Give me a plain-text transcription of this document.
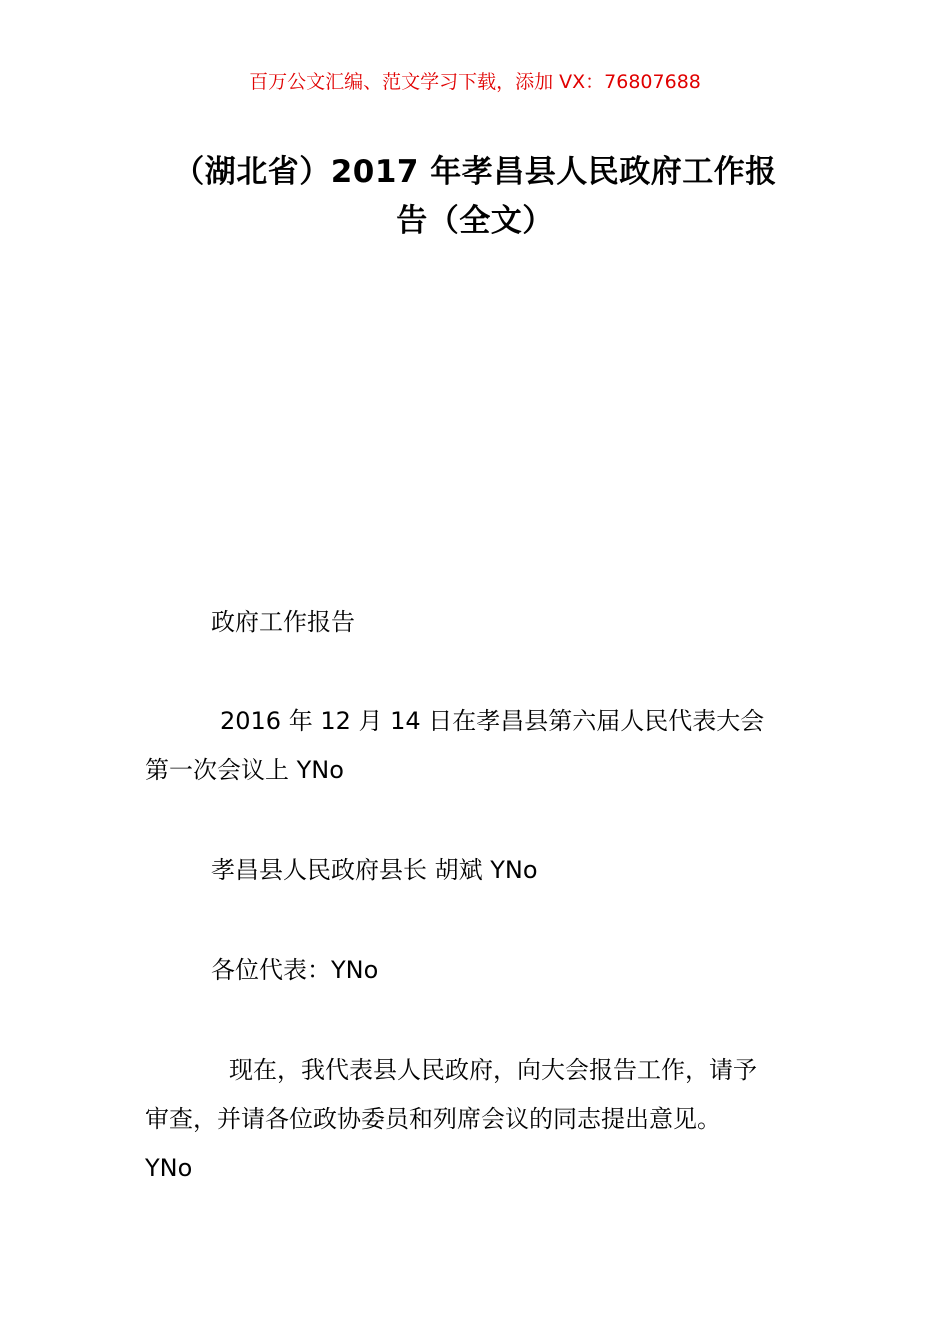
百万公文汇编、范文学习下载，添加 VX：76807688
（湖北省）2017 年孝昌县人民政府工作报
告（全文）

政府工作报告

2016 年 12 月 14 日在孝昌县第六届人民代表大会
第一次会议上 YNo

孝昌县人民政府县长 胡斌 YNo

各位代表：YNo

现在，我代表县人民政府，向大会报告工作，请予
审查，并请各位政协委员和列席会议的同志提出意见。
YNo
